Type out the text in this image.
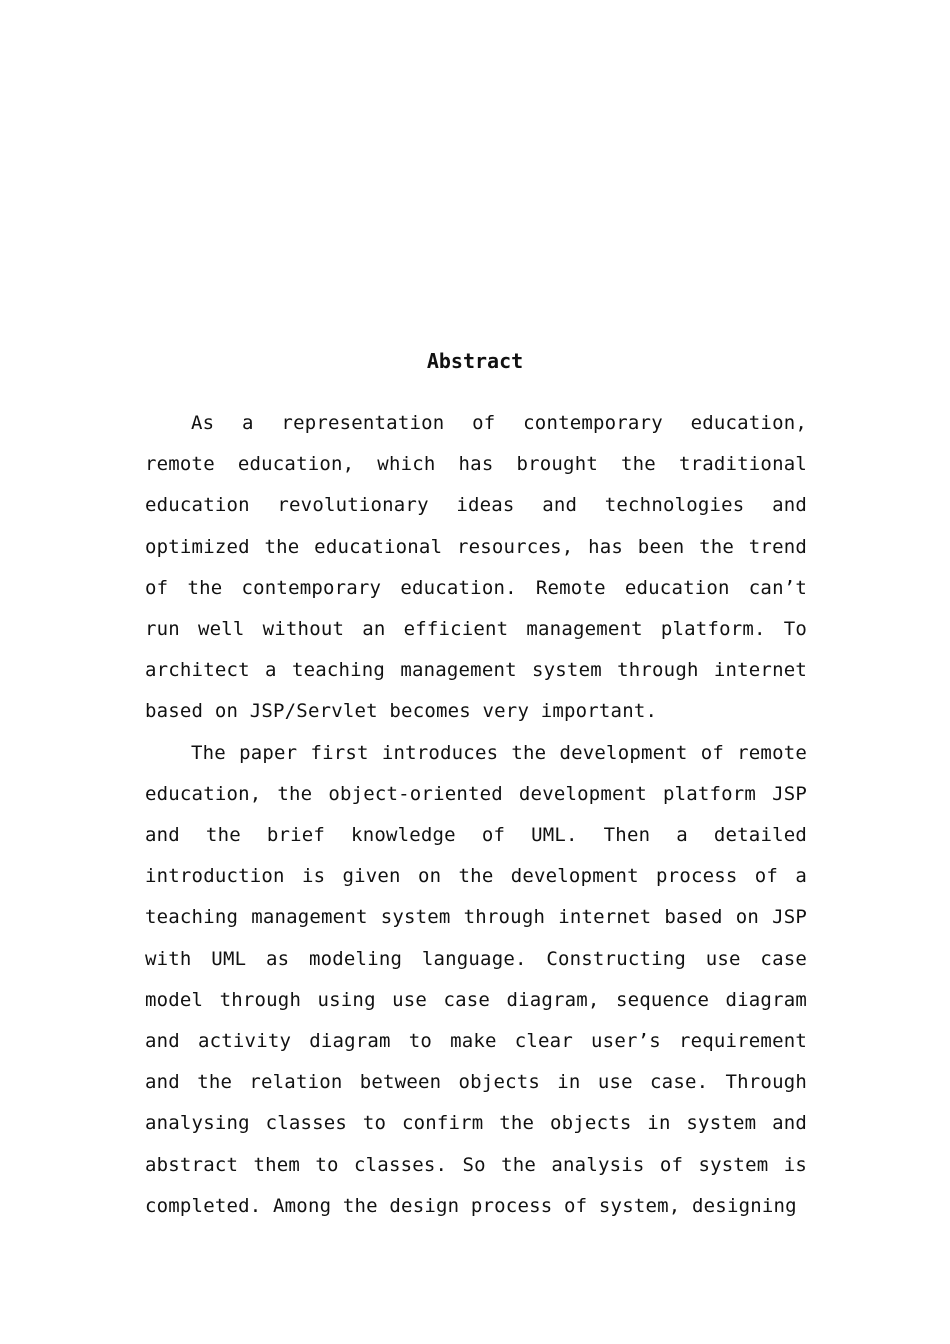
Abstract

As a representation of contemporary education, remote education, which has brought the traditional education revolutionary ideas and technologies and optimized the educational resources, has been the trend of the contemporary education. Remote education can’t run well without an efficient management platform. To architect a teaching management system through internet based on JSP/Servlet becomes very important.

The paper first introduces the development of remote education, the object-oriented development platform JSP and the brief knowledge of UML. Then a detailed introduction is given on the development process of a teaching management system through internet based on JSP with UML as modeling language. Constructing use case model through using use case diagram, sequence diagram and activity diagram to make clear user’s requirement and the relation between objects in use case. Through analysing classes to confirm the objects in system and abstract them to classes. So the analysis of system is completed. Among the design process of system, designing
